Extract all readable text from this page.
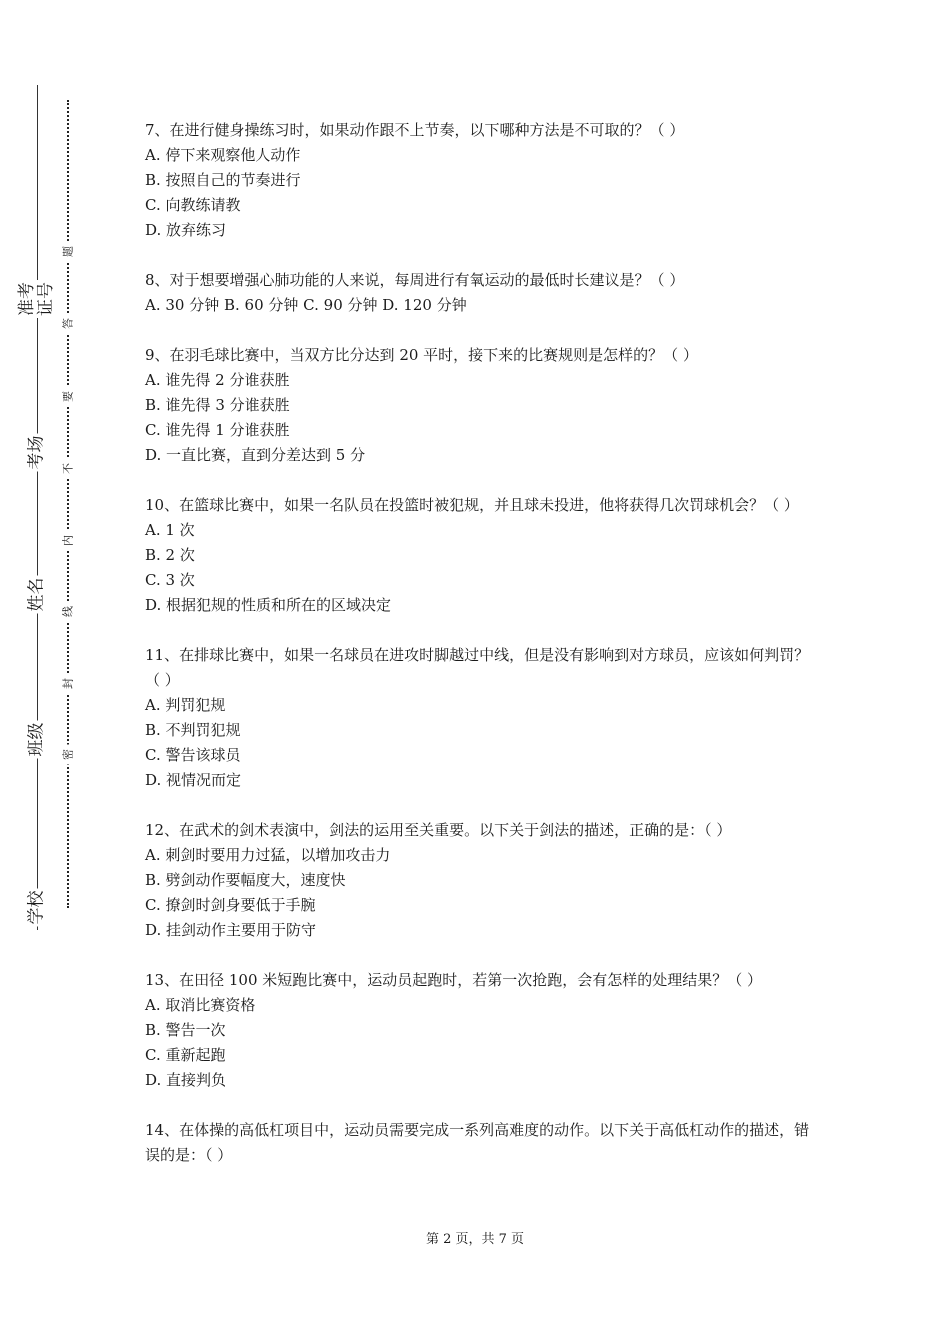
准考证号
考场
姓名
班级
学校
题
答
要
不
内
线
封
密
7、在进行健身操练习时，如果动作跟不上节奏，以下哪种方法是不可取的？（ ）
A. 停下来观察他人动作
B. 按照自己的节奏进行
C. 向教练请教
D. 放弃练习
8、对于想要增强心肺功能的人来说，每周进行有氧运动的最低时长建议是？（ ）
A. 30 分钟 B. 60 分钟 C. 90 分钟 D. 120 分钟
9、在羽毛球比赛中，当双方比分达到 20 平时，接下来的比赛规则是怎样的？（ ）
A. 谁先得 2 分谁获胜
B. 谁先得 3 分谁获胜
C. 谁先得 1 分谁获胜
D. 一直比赛，直到分差达到 5 分
10、在篮球比赛中，如果一名队员在投篮时被犯规，并且球未投进，他将获得几次罚球机会？（ ）
A. 1 次
B. 2 次
C. 3 次
D. 根据犯规的性质和所在的区域决定
11、在排球比赛中，如果一名球员在进攻时脚越过中线，但是没有影响到对方球员，应该如何判罚？（ ）
A. 判罚犯规
B. 不判罚犯规
C. 警告该球员
D. 视情况而定
12、在武术的剑术表演中，剑法的运用至关重要。以下关于剑法的描述，正确的是：（ ）
A. 刺剑时要用力过猛，以增加攻击力
B. 劈剑动作要幅度大，速度快
C. 撩剑时剑身要低于手腕
D. 挂剑动作主要用于防守
13、在田径 100 米短跑比赛中，运动员起跑时，若第一次抢跑，会有怎样的处理结果？（ ）
A. 取消比赛资格
B. 警告一次
C. 重新起跑
D. 直接判负
14、在体操的高低杠项目中，运动员需要完成一系列高难度的动作。以下关于高低杠动作的描述，错误的是：（ ）
第 2 页，共 7 页
